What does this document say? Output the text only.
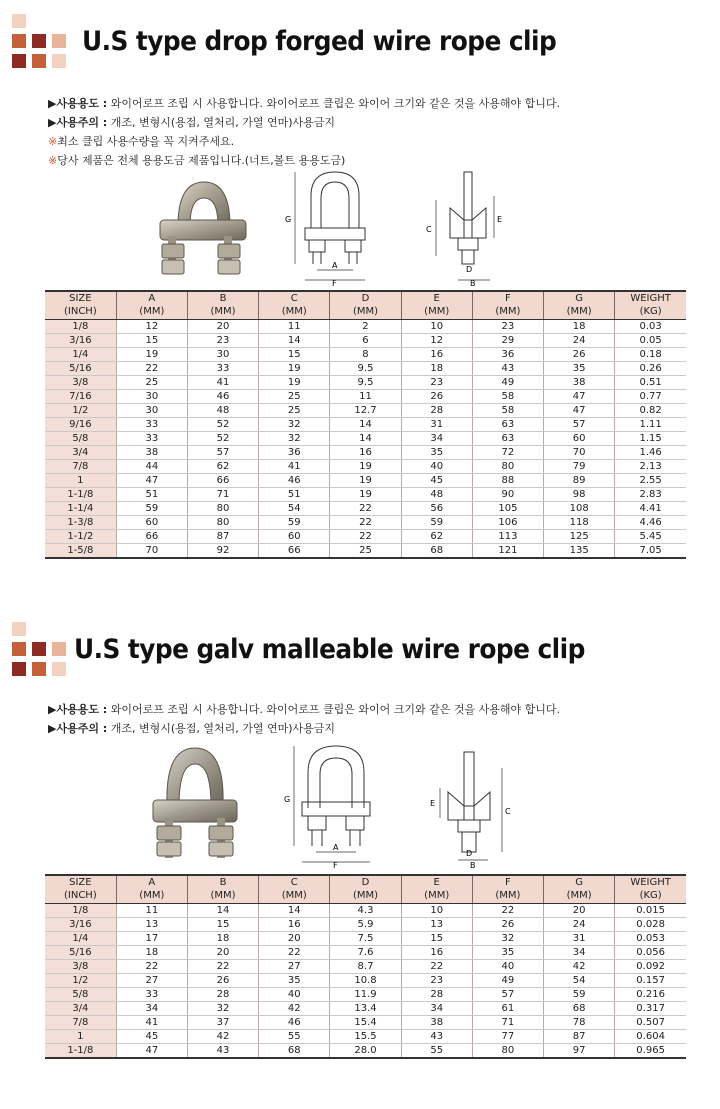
U.S type drop forged wire rope clip
▶사용용도 : 와이어로프 조립 시 사용합니다. 와이어로프 클립은 와이어 크기와 같은 것을 사용해야 합니다.
▶사용주의 : 개조, 변형시(용접, 열처리, 가열 연마)사용금지
※최소 클립 사용수량을 꼭 지켜주세요.
※당사 제품은 전체 용용도금 제품입니다.(너트,볼트 용용도금)
G
A
F
C
E
D
B
SIZE	A	B	C	D	E	F	G	WEIGHT
(INCH)	(MM)	(MM)	(MM)	(MM)	(MM)	(MM)	(MM)	(KG)
1/8	12	20	11	2	10	23	18	0.03
3/16	15	23	14	6	12	29	24	0.05
1/4	19	30	15	8	16	36	26	0.18
5/16	22	33	19	9.5	18	43	35	0.26
3/8	25	41	19	9.5	23	49	38	0.51
7/16	30	46	25	11	26	58	47	0.77
1/2	30	48	25	12.7	28	58	47	0.82
9/16	33	52	32	14	31	63	57	1.11
5/8	33	52	32	14	34	63	60	1.15
3/4	38	57	36	16	35	72	70	1.46
7/8	44	62	41	19	40	80	79	2.13
1	47	66	46	19	45	88	89	2.55
1-1/8	51	71	51	19	48	90	98	2.83
1-1/4	59	80	54	22	56	105	108	4.41
1-3/8	60	80	59	22	59	106	118	4.46
1-1/2	66	87	60	22	62	113	125	5.45
1-5/8	70	92	66	25	68	121	135	7.05
U.S type galv malleable wire rope clip
▶사용용도 : 와이어로프 조립 시 사용합니다. 와이어로프 클립은 와이어 크기와 같은 것을 사용해야 합니다.
▶사용주의 : 개조, 변형시(용접, 열처리, 가열 연마)사용금지
G
A
F
E
C
D
B
SIZE	A	B	C	D	E	F	G	WEIGHT
(INCH)	(MM)	(MM)	(MM)	(MM)	(MM)	(MM)	(MM)	(KG)
1/8	11	14	14	4.3	10	22	20	0.015
3/16	13	15	16	5.9	13	26	24	0.028
1/4	17	18	20	7.5	15	32	31	0.053
5/16	18	20	22	7.6	16	35	34	0.056
3/8	22	22	27	8.7	22	40	42	0.092
1/2	27	26	35	10.8	23	49	54	0.157
5/8	33	28	40	11.9	28	57	59	0.216
3/4	34	32	42	13.4	34	61	68	0.317
7/8	41	37	46	15.4	38	71	78	0.507
1	45	42	55	15.5	43	77	87	0.604
1-1/8	47	43	68	28.0	55	80	97	0.965
